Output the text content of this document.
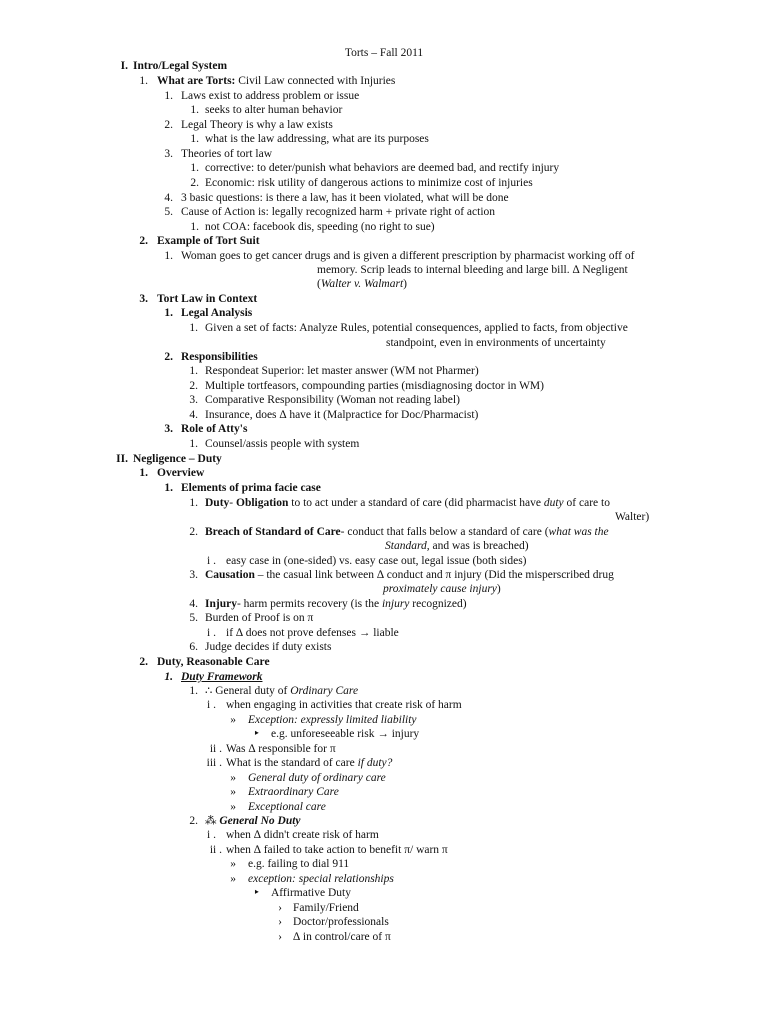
Torts – Fall 2011
I. Intro/Legal System
1. What are Torts: Civil Law connected with Injuries
1. Laws exist to address problem or issue
1. seeks to alter human behavior
2. Legal Theory is why a law exists
1. what is the law addressing, what are its purposes
3. Theories of tort law
1. corrective: to deter/punish what behaviors are deemed bad, and rectify injury
2. Economic: risk utility of dangerous actions to minimize cost of injuries
4. 3 basic questions: is there a law, has it been violated, what will be done
5. Cause of Action is: legally recognized harm + private right of action
1. not COA: facebook dis, speeding (no right to sue)
2. Example of Tort Suit
1. Woman goes to get cancer drugs and is given a different prescription by pharmacist working off of
memory. Scrip leads to internal bleeding and large bill. ∆ Negligent
(Walter v. Walmart)
3. Tort Law in Context
1. Legal Analysis
1. Given a set of facts: Analyze Rules, potential consequences, applied to facts, from objective
standpoint, even in environments of uncertainty
2. Responsibilities
1. Respondeat Superior: let master answer (WM not Pharmer)
2. Multiple tortfeasors, compounding parties (misdiagnosing doctor in WM)
3. Comparative Responsibility (Woman not reading label)
4. Insurance, does ∆ have it (Malpractice for Doc/Pharmacist)
3. Role of Atty's
1. Counsel/assis people with system
II. Negligence – Duty
1. Overview
1. Elements of prima facie case
1. Duty- Obligation to to act under a standard of care (did pharmacist have duty of care to
Walter)
2. Breach of Standard of Care- conduct that falls below a standard of care (what was the
Standard, and was is breached)
i . easy case in (one-sided) vs. easy case out, legal issue (both sides)
3. Causation – the casual link between ∆ conduct and π injury (Did the misperscribed drug
proximately cause injury)
4. Injury- harm permits recovery (is the injury recognized)
5. Burden of Proof is on π
i . if ∆ does not prove defenses → liable
6. Judge decides if duty exists
2. Duty, Reasonable Care
1. Duty Framework
1. ∴ General duty of Ordinary Care
i . when engaging in activities that create risk of harm
» Exception: expressly limited liability
‣ e.g. unforeseeable risk → injury
ii . Was ∆ responsible for π
iii . What is the standard of care if duty?
» General duty of ordinary care
» Extraordinary Care
» Exceptional care
2. ⁂ General No Duty
i . when ∆ didn't create risk of harm
ii . when ∆ failed to take action to benefit π/ warn π
» e.g. failing to dial 911
» exception: special relationships
‣ Affirmative Duty
› Family/Friend
› Doctor/professionals
› ∆ in control/care of π
